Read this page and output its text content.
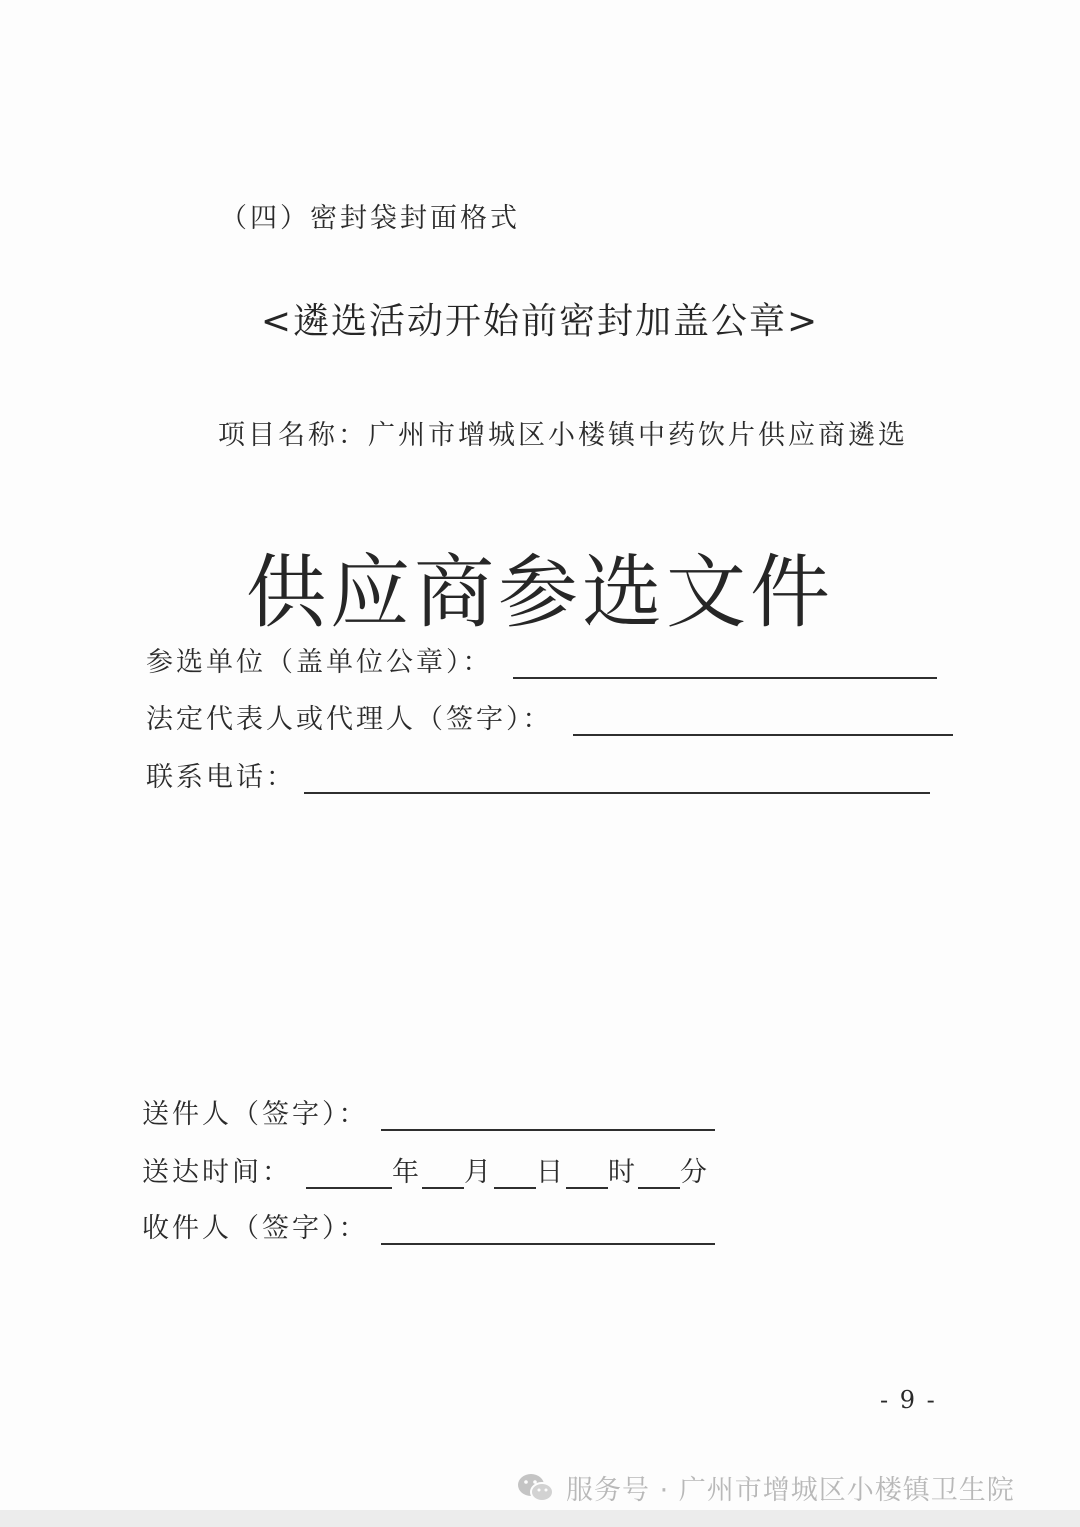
（四）密封袋封面格式
<遴选活动开始前密封加盖公章>
项目名称：广州市增城区小楼镇中药饮片供应商遴选
供应商参选文件
参选单位（盖单位公章）：
法定代表人或代理人（签字）：
联系电话：
送件人（签字）：
送达时间：	年 月 日 时 分
收件人（签字）：
- 9 -
服务号 · 广州市增城区小楼镇卫生院
